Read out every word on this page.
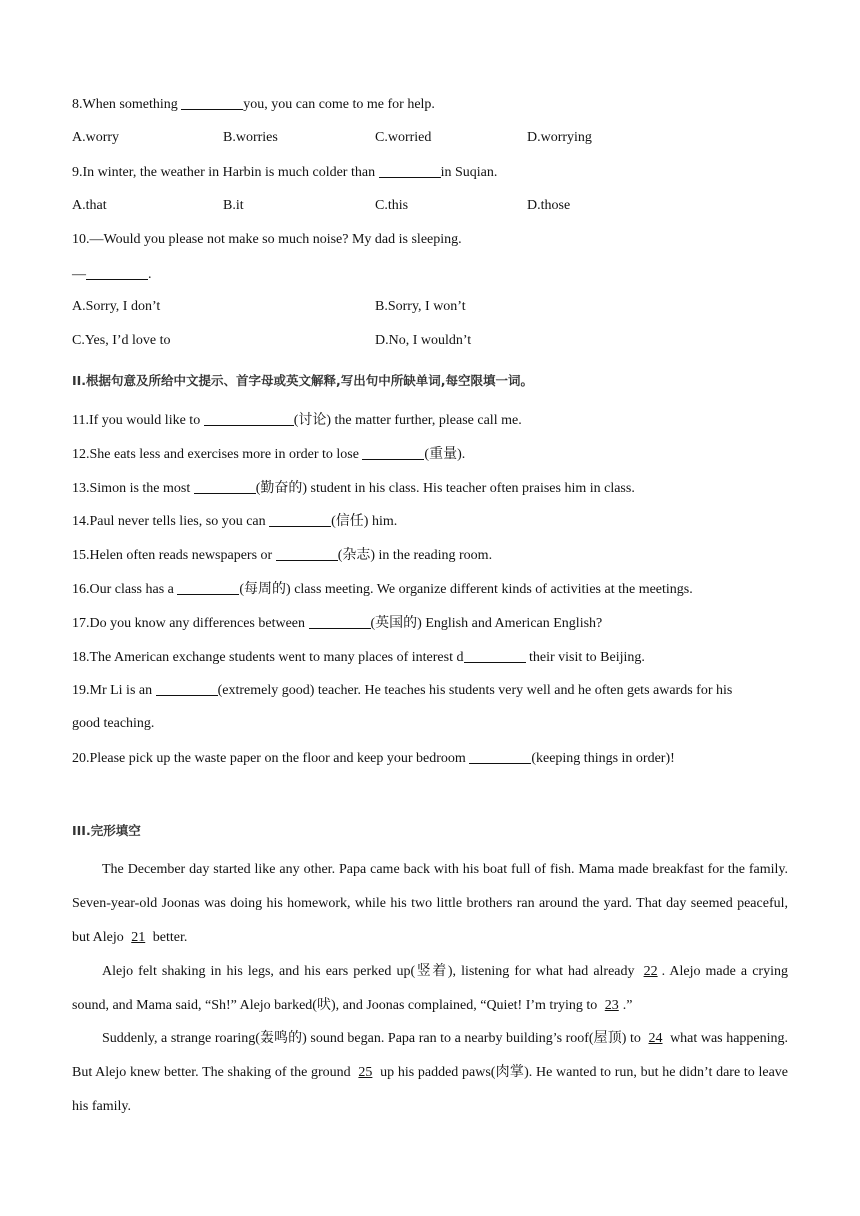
8.When something	you, you can come to me for help.
A.worry	B.worries	C.worried	D.worrying
9.In winter, the weather in Harbin is much colder than	in Suqian.
A.that	B.it	C.this	D.those
10.—Would you please not make so much noise? My dad is sleeping.
—	.
A.Sorry, I don’t	B.Sorry, I won’t
C.Yes, I’d love to	D.No, I wouldn’t
II.根据句意及所给中文提示、首字母或英文解释,写出句中所缺单词,每空限填一词。
11.If you would like to	(讨论) the matter further, please call me.
12.She eats less and exercises more in order to lose	(重量).
13.Simon is the most	(勤奋的) student in his class. His teacher often praises him in class.
14.Paul never tells lies, so you can	(信任) him.
15.Helen often reads newspapers or	(杂志) in the reading room.
16.Our class has a	(每周的) class meeting. We organize different kinds of activities at the meetings.
17.Do you know any differences between	(英国的) English and American English?
18.The American exchange students went to many places of interest d	their visit to Beijing.
19.Mr Li is an	(extremely good) teacher. He teaches his students very well and he often gets awards for his
good teaching.
20.Please pick up the waste paper on the floor and keep your bedroom	(keeping things in order)!
III.完形填空
The December day started like any other. Papa came back with his boat full of fish. Mama made breakfast for the family. Seven-year-old Joonas was doing his homework, while his two little brothers ran around the yard. That day seemed peaceful, but Alejo 21 better.
Alejo felt shaking in his legs, and his ears perked up(竖着), listening for what had already 22 . Alejo made a crying sound, and Mama said, “Sh!” Alejo barked(吠), and Joonas complained, “Quiet! I’m trying to 23 .”
Suddenly, a strange roaring(轰鸣的) sound began. Papa ran to a nearby building’s roof(屋顶) to 24 what was happening. But Alejo knew better. The shaking of the ground 25 up his padded paws(肉掌). He wanted to run, but he didn’t dare to leave his family.
